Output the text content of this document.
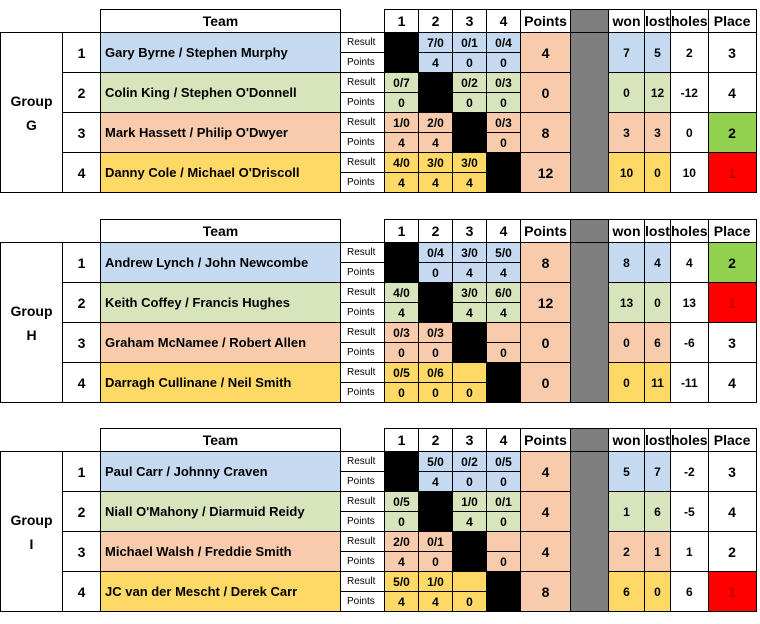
		Team		1	2	3	4	Points		won	lost	holes	Place

Group
G	1	Gary Byrne / Stephen Murphy	Result		7/0	0/1	0/4	4		7	5	2	3
			Points		4	0	0						
	2	Colin King / Stephen O'Donnell	Result	0/7		0/2	0/3	0		0	12	-12	4
			Points	0		0	0						
	3	Mark Hassett / Philip O'Dwyer	Result	1/0	2/0		0/3	8		3	3	0	2
			Points	4	4		0						
	4	Danny Cole / Michael O'Driscoll	Result	4/0	3/0	3/0		12		10	0	10	1
			Points	4	4	4							
		Team		1	2	3	4	Points		won	lost	holes	Place

Group
H	1	Andrew Lynch / John Newcombe	Result		0/4	3/0	5/0	8		8	4	4	2
			Points		0	4	4						
	2	Keith Coffey / Francis Hughes	Result	4/0		3/0	6/0	12		13	0	13	1
			Points	4		4	4						
	3	Graham McNamee / Robert Allen	Result	0/3	0/3			0		0	6	-6	3
			Points	0	0		0						
	4	Darragh Cullinane / Neil Smith	Result	0/5	0/6			0		0	11	-11	4
			Points	0	0	0							
		Team		1	2	3	4	Points		won	lost	holes	Place

Group
I	1	Paul Carr / Johnny Craven	Result		5/0	0/2	0/5	4		5	7	-2	3
			Points		4	0	0						
	2	Niall O'Mahony / Diarmuid Reidy	Result	0/5		1/0	0/1	4		1	6	-5	4
			Points	0		4	0						
	3	Michael Walsh / Freddie Smith	Result	2/0	0/1			4		2	1	1	2
			Points	4	0		0						
	4	JC van der Mescht / Derek Carr	Result	5/0	1/0			8		6	0	6	1
			Points	4	4	0							
